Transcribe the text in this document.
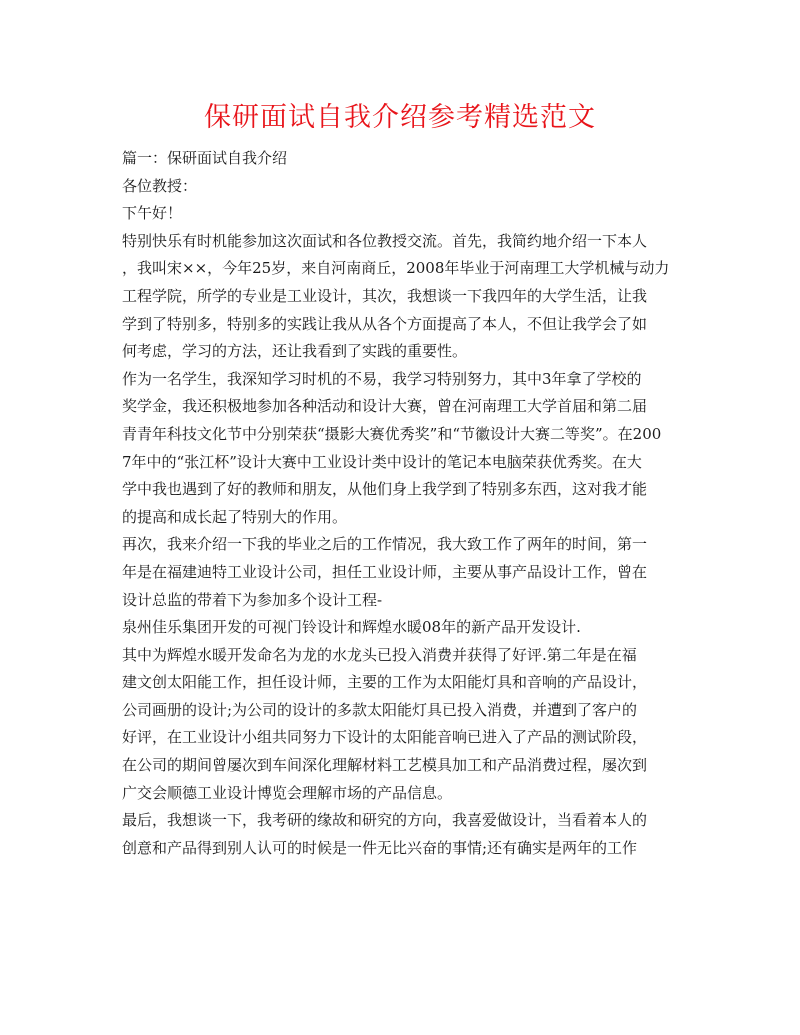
保研面试自我介绍参考精选范文
篇一：保研面试自我介绍
各位教授：
下午好！
特别快乐有时机能参加这次面试和各位教授交流。首先，我简约地介绍一下本人
，我叫宋××，今年25岁，来自河南商丘，2008年毕业于河南理工大学机械与动力
工程学院，所学的专业是工业设计，其次，我想谈一下我四年的大学生活，让我
学到了特别多，特别多的实践让我从从各个方面提高了本人，不但让我学会了如
何考虑，学习的方法，还让我看到了实践的重要性。
作为一名学生，我深知学习时机的不易，我学习特别努力，其中3年拿了学校的
奖学金，我还积极地参加各种活动和设计大赛，曾在河南理工大学首届和第二届
青青年科技文化节中分别荣获“摄影大赛优秀奖”和“节徽设计大赛二等奖”。在200
7年中的“张江杯”设计大赛中工业设计类中设计的笔记本电脑荣获优秀奖。在大
学中我也遇到了好的教师和朋友，从他们身上我学到了特别多东西，这对我才能
的提高和成长起了特别大的作用。
再次，我来介绍一下我的毕业之后的工作情况，我大致工作了两年的时间，第一
年是在福建迪特工业设计公司，担任工业设计师，主要从事产品设计工作，曾在
设计总监的带着下为参加多个设计工程-
泉州佳乐集团开发的可视门铃设计和辉煌水暖08年的新产品开发设计.
其中为辉煌水暖开发命名为龙的水龙头已投入消费并获得了好评.第二年是在福
建文创太阳能工作，担任设计师，主要的工作为太阳能灯具和音响的产品设计，
公司画册的设计;为公司的设计的多款太阳能灯具已投入消费，并遭到了客户的
好评，在工业设计小组共同努力下设计的太阳能音响已进入了产品的测试阶段，
在公司的期间曾屡次到车间深化理解材料工艺模具加工和产品消费过程，屡次到
广交会顺德工业设计博览会理解市场的产品信息。
最后，我想谈一下，我考研的缘故和研究的方向，我喜爱做设计，当看着本人的
创意和产品得到别人认可的时候是一件无比兴奋的事情;还有确实是两年的工作
